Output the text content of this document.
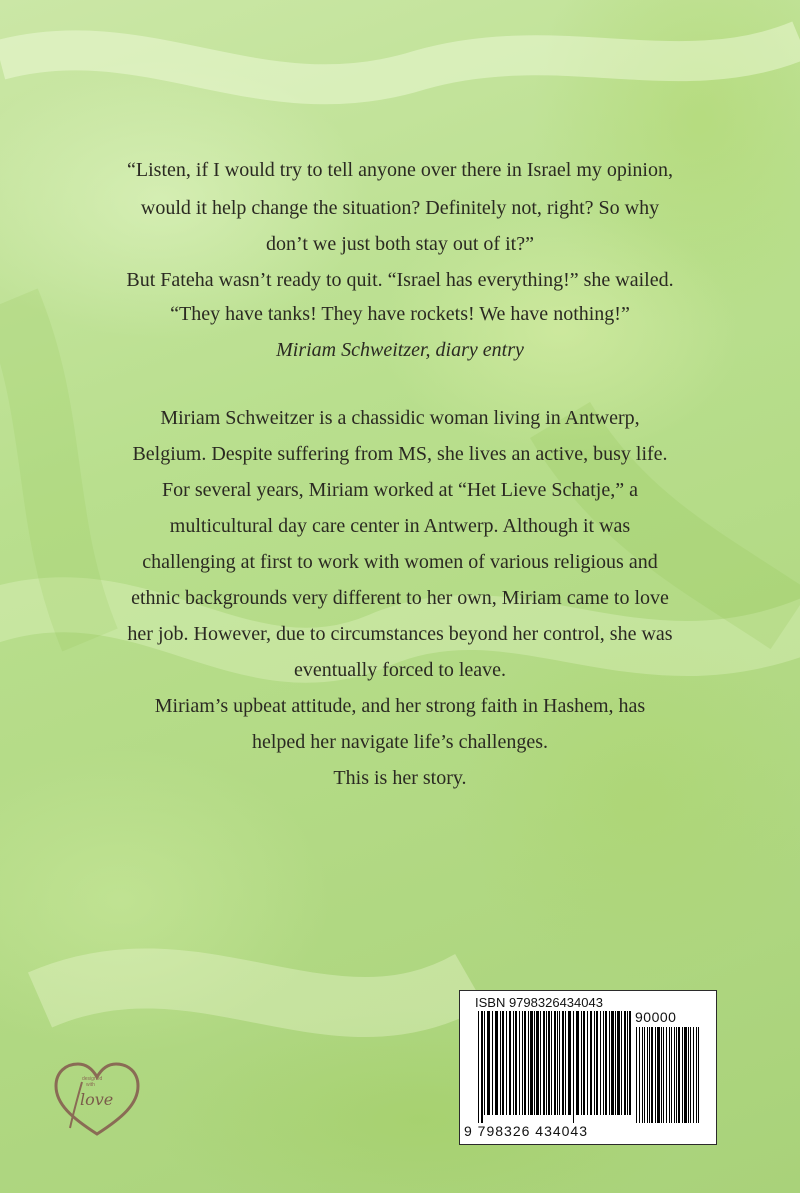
“Listen, if I would try to tell anyone over there in Israel my opinion,
would it help change the situation? Definitely not, right? So why
don’t we just both stay out of it?”
But Fateha wasn’t ready to quit. “Israel has everything!” she wailed.
“They have tanks! They have rockets! We have nothing!”
Miriam Schweitzer, diary entry
Miriam Schweitzer is a chassidic woman living in Antwerp,
Belgium. Despite suffering from MS, she lives an active, busy life.
For several years, Miriam worked at “Het Lieve Schatje,” a
multicultural day care center in Antwerp. Although it was
challenging at first to work with women of various religious and
ethnic backgrounds very different to her own, Miriam came to love
her job. However, due to circumstances beyond her control, she was
eventually forced to leave.
Miriam’s upbeat attitude, and her strong faith in Hashem, has
helped her navigate life’s challenges.
This is her story.
designed
with
love
ISBN 9798326434043
90000
9 798326 434043
